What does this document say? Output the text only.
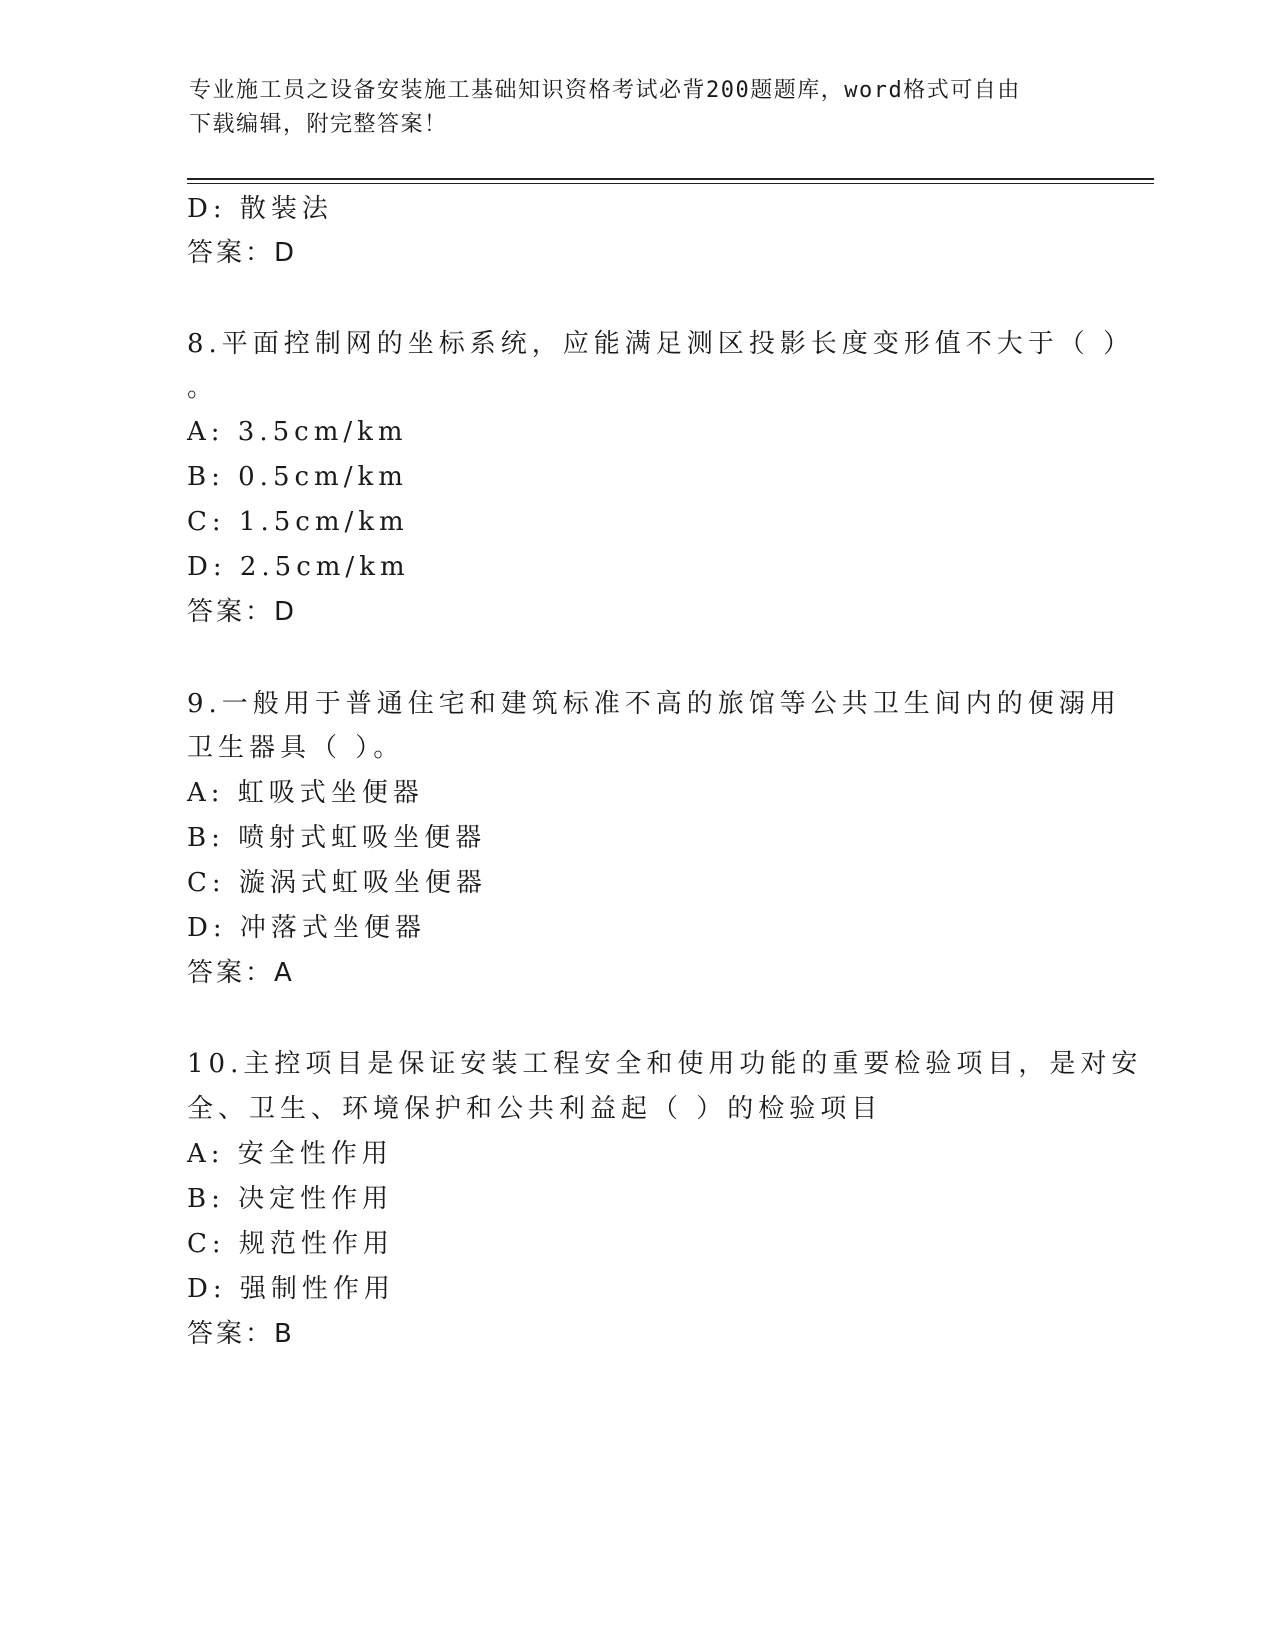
专业施工员之设备安装施工基础知识资格考试必背200题题库，word格式可自由

下载编辑，附完整答案！

D: 散装法

答案：D

8.平面控制网的坐标系统，应能满足测区投影长度变形值不大于（ ）

。

A: 3.5cm/km

B: 0.5cm/km

C: 1.5cm/km

D: 2.5cm/km

答案：D

9.一般用于普通住宅和建筑标准不高的旅馆等公共卫生间内的便溺用

卫生器具（ ）。

A: 虹吸式坐便器

B: 喷射式虹吸坐便器

C: 漩涡式虹吸坐便器

D: 冲落式坐便器

答案：A

10.主控项目是保证安装工程安全和使用功能的重要检验项目，是对安

全、卫生、环境保护和公共利益起（ ）的检验项目

A: 安全性作用

B: 决定性作用

C: 规范性作用

D: 强制性作用

答案：B
